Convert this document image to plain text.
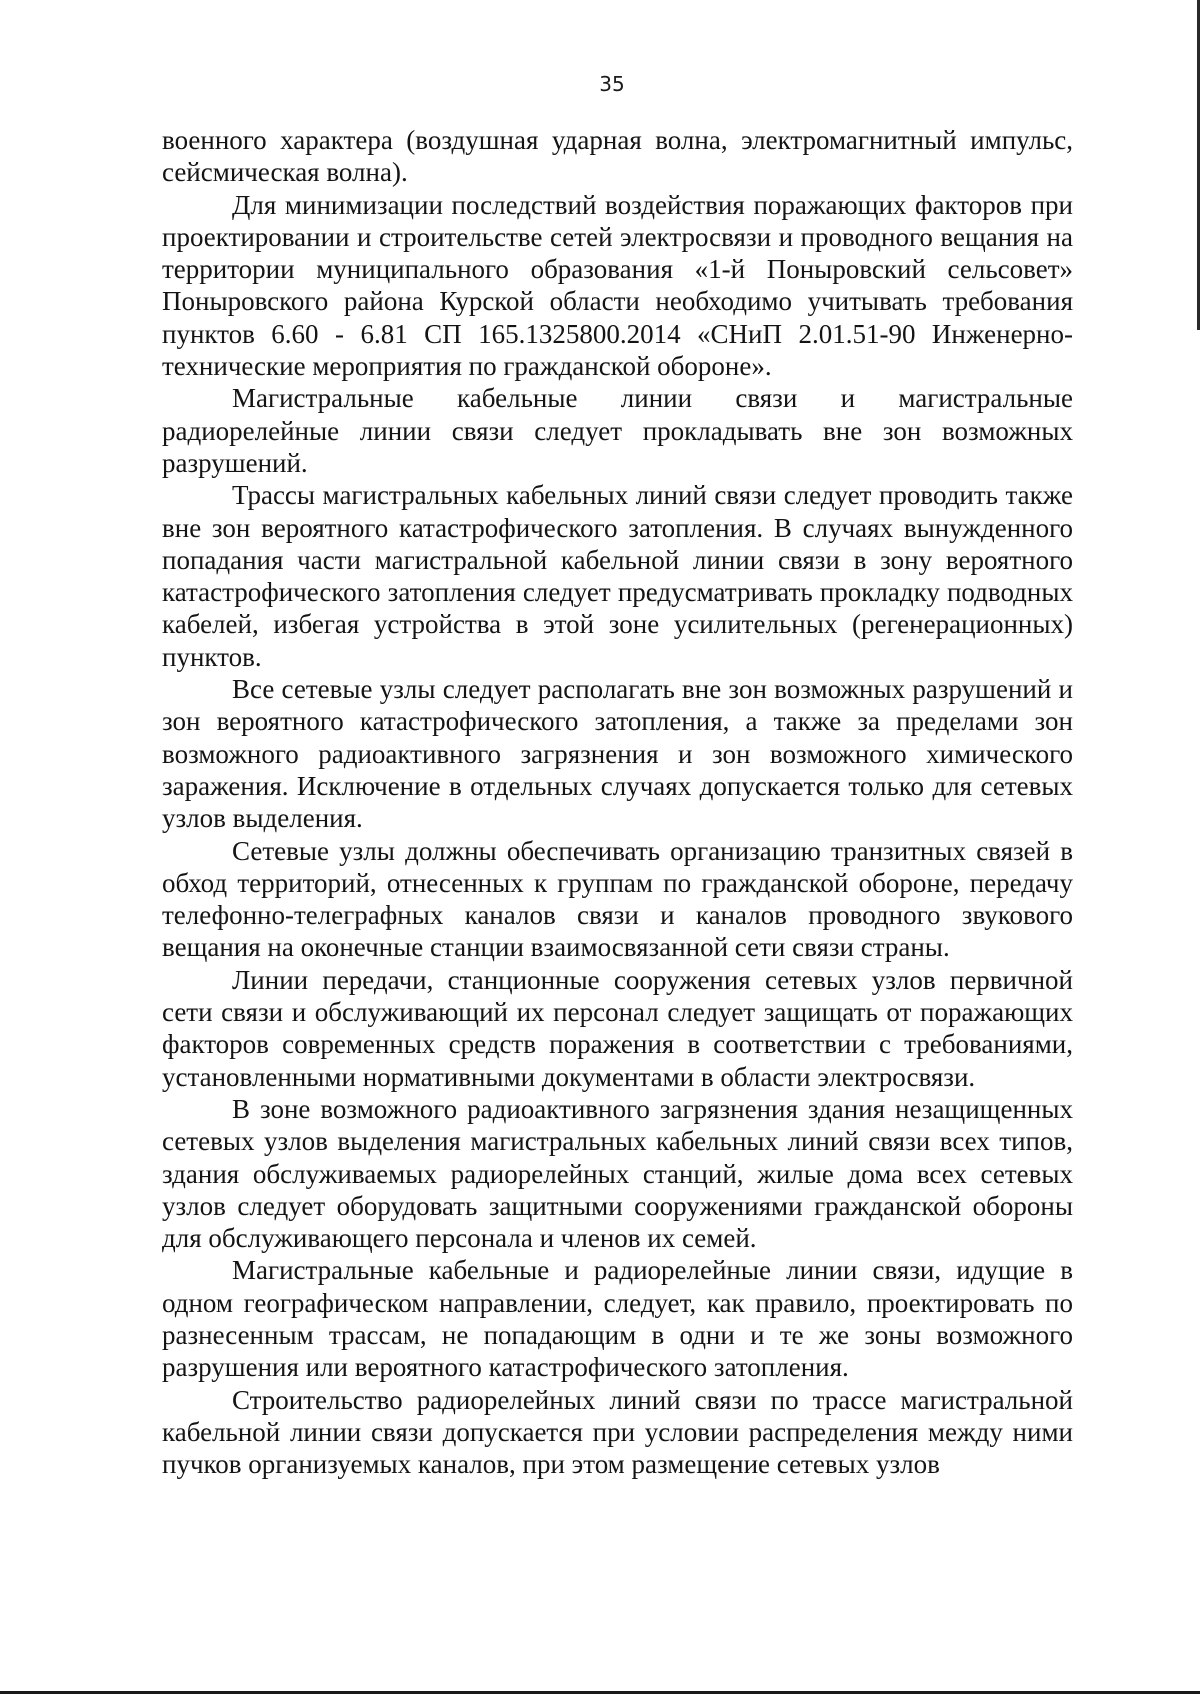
35

военного характера (воздушная ударная волна, электромагнитный импульс, сейсмическая волна).

Для минимизации последствий воздействия поражающих факторов при проектировании и строительстве сетей электросвязи и проводного вещания на территории муниципального образования «1-й Поныровский сельсовет» Поныровского района Курской области необходимо учитывать требования пунктов 6.60 - 6.81 СП 165.1325800.2014 «СНиП 2.01.51-90 Инженерно-технические мероприятия по гражданской обороне».

Магистральные кабельные линии связи и магистральные радиорелейные линии связи следует прокладывать вне зон возможных разрушений.

Трассы магистральных кабельных линий связи следует проводить также вне зон вероятного катастрофического затопления. В случаях вынужденного попадания части магистральной кабельной линии связи в зону вероятного катастрофического затопления следует предусматривать прокладку подводных кабелей, избегая устройства в этой зоне усилительных (регенерационных) пунктов.

Все сетевые узлы следует располагать вне зон возможных разрушений и зон вероятного катастрофического затопления, а также за пределами зон возможного радиоактивного загрязнения и зон возможного химического заражения. Исключение в отдельных случаях допускается только для сетевых узлов выделения.

Сетевые узлы должны обеспечивать организацию транзитных связей в обход территорий, отнесенных к группам по гражданской обороне, передачу телефонно-телеграфных каналов связи и каналов проводного звукового вещания на оконечные станции взаимосвязанной сети связи страны.

Линии передачи, станционные сооружения сетевых узлов первичной сети связи и обслуживающий их персонал следует защищать от поражающих факторов современных средств поражения в соответствии с требованиями, установленными нормативными документами в области электросвязи.

В зоне возможного радиоактивного загрязнения здания незащищенных сетевых узлов выделения магистральных кабельных линий связи всех типов, здания обслуживаемых радиорелейных станций, жилые дома всех сетевых узлов следует оборудовать защитными сооружениями гражданской обороны для обслуживающего персонала и членов их семей.

Магистральные кабельные и радиорелейные линии связи, идущие в одном географическом направлении, следует, как правило, проектировать по разнесенным трассам, не попадающим в одни и те же зоны возможного разрушения или вероятного катастрофического затопления.

Строительство радиорелейных линий связи по трассе магистральной кабельной линии связи допускается при условии распределения между ними пучков организуемых каналов, при этом размещение сетевых узлов
